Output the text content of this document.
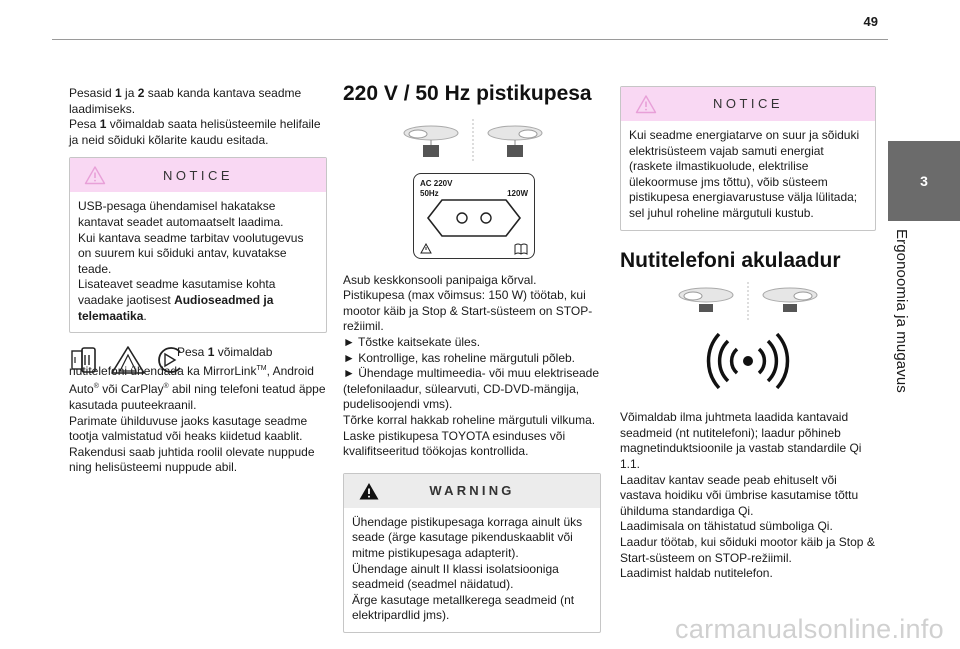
49
3
Ergonoomia ja mugavus

Pesasid 1 ja 2 saab kanda kantava seadme laadimiseks.

Pesa 1 võimaldab saata helisüsteemile helifaile ja neid sõiduki kõlarite kaudu esitada.

NOTICE

USB-pesaga ühendamisel hakatakse kantavat seadet automaatselt laadima.

Kui kantava seadme tarbitav voolutugevus on suurem kui sõiduki antav, kuvatakse teade.

Lisateavet seadme kasutamise kohta vaadake jaotisest Audioseadmed ja telemaatika.

Pesa 1 võimaldab nutitelefoni ühendada ka MirrorLink™, Android Auto® või CarPlay® abil ning telefoni teatud äppe kasutada puuteekraanil.

Parimate ühilduvuse jaoks kasutage seadme tootja valmistatud või heaks kiidetud kaablit.

Rakendusi saab juhtida roolil olevate nuppude ning helisüsteemi nuppude abil.

220 V / 50 Hz pistikupesa
AC 220V
50Hz	120W

Asub keskkonsooli panipaiga kõrval.

Pistikupesa (max võimsus: 150 W) töötab, kui mootor käib ja Stop & Start-süsteem on STOP-režiimil.

► Tõstke kaitsekate üles.

► Kontrollige, kas roheline märgutuli põleb.

► Ühendage multimeedia- või muu elektriseade (telefonilaadur, sülearvuti, CD-DVD-mängija, pudelisoojendi vms).

Tõrke korral hakkab roheline märgutuli vilkuma.

Laske pistikupesa TOYOTA esinduses või kvalifitseeritud töökojas kontrollida.

WARNING

Ühendage pistikupesaga korraga ainult üks seade (ärge kasutage pikenduskaablit või mitme pistikupesaga adapterit).

Ühendage ainult II klassi isolatsiooniga seadmeid (seadmel näidatud).

Ärge kasutage metallkerega seadmeid (nt elektripardlid jms).

NOTICE

Kui seadme energiatarve on suur ja sõiduki elektrisüsteem vajab samuti energiat (raskete ilmastikuolude, elektrilise ülekoormuse jms tõttu), võib süsteem pistikupesa energiavarustuse välja lülitada; sel juhul roheline märgutuli kustub.

Nutitelefoni akulaadur

Võimaldab ilma juhtmeta laadida kantavaid seadmeid (nt nutitelefoni); laadur põhineb magnetinduktsioonile ja vastab standardile Qi 1.1.

Laaditav kantav seade peab ehituselt või vastava hoidiku või ümbrise kasutamise tõttu ühilduma standardiga Qi.

Laadimisala on tähistatud sümboliga Qi.

Laadur töötab, kui sõiduki mootor käib ja Stop & Start-süsteem on STOP-režiimil.

Laadimist haldab nutitelefon.

carmanualsonline.info
